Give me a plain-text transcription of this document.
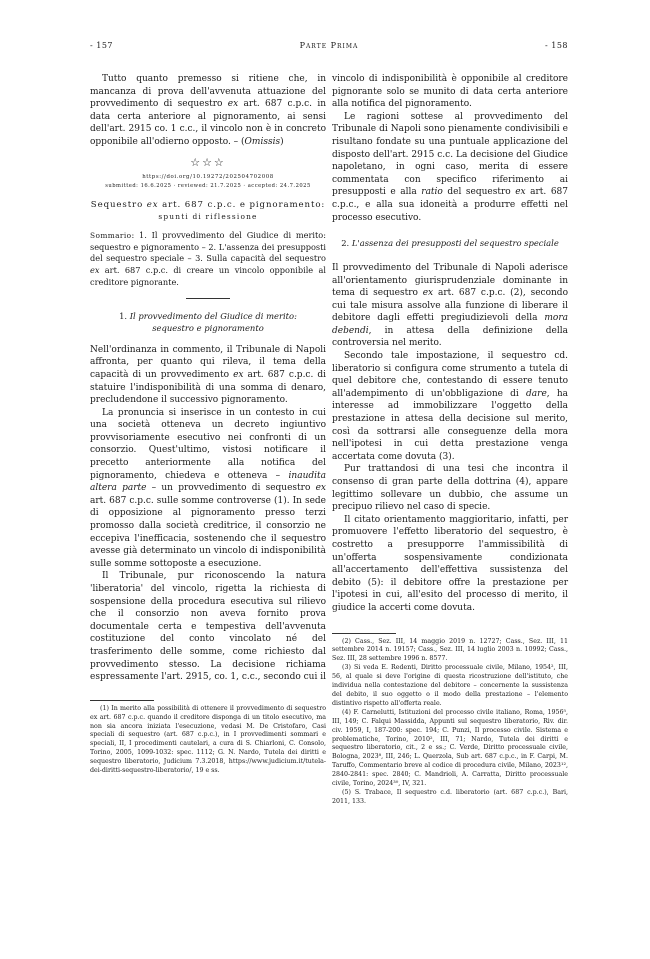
- 157	Parte Prima	- 158

Tutto quanto premesso si ritiene che, in mancanza di prova dell'avvenuta attuazione del provvedimento di sequestro ex art. 687 c.p.c. in data certa anteriore al pignoramento, ai sensi dell'art. 2915 co. 1 c.c., il vincolo non è in concreto opponibile all'odierno opposto. – (Omissis)

☆☆☆
https://doi.org/10.19272/202504702008
submitted: 16.6.2025 · reviewed: 21.7.2025 · accepted: 24.7.2025
Sequestro ex art. 687 c.p.c. e pignoramento:
spunti di riflessione

Sommario: 1. Il provvedimento del Giudice di merito: sequestro e pignoramento – 2. L'assenza dei presupposti del sequestro speciale – 3. Sulla capacità del sequestro ex art. 687 c.p.c. di creare un vincolo opponibile al creditore pignorante.

1. Il provvedimento del Giudice di merito:
sequestro e pignoramento

Nell'ordinanza in commento, il Tribunale di Napoli affronta, per quanto qui rileva, il tema della capacità di un provvedimento ex art. 687 c.p.c. di statuire l'indisponibilità di una somma di denaro, precludendone il successivo pignoramento.

La pronuncia si inserisce in un contesto in cui una società otteneva un decreto ingiuntivo provvisoriamente esecutivo nei confronti di un consorzio. Quest'ultimo, vistosi notificare il precetto anteriormente alla notifica del pignoramento, chiedeva e otteneva – inaudita altera parte – un provvedimento di sequestro ex art. 687 c.p.c. sulle somme controverse (1). In sede di opposizione al pignoramento presso terzi promosso dalla società creditrice, il consorzio ne eccepiva l'inefficacia, sostenendo che il sequestro avesse già determinato un vincolo di indisponibilità sulle somme sottoposte a esecuzione.

Il Tribunale, pur riconoscendo la natura 'liberatoria' del vincolo, rigetta la richiesta di sospensione della procedura esecutiva sul rilievo che il consorzio non aveva fornito prova documentale certa e tempestiva dell'avvenuta costituzione del conto vincolato né del trasferimento delle somme, come richiesto dal provvedimento stesso. La decisione richiama espressamente l'art. 2915, co. 1, c.c., secondo cui il

(1) In merito alla possibilità di ottenere il provvedimento di sequestro ex art. 687 c.p.c. quando il creditore disponga di un titolo esecutivo, ma non sia ancora iniziata l'esecuzione, vedasi M. De Cristofaro, Casi speciali di sequestro (art. 687 c.p.c.), in I provvedimenti sommari e speciali, II, I procedimenti cautelari, a cura di S. Chiarloni, C. Consolo, Torino, 2005, 1099-1032: spec. 1112; G. N. Nardo, Tutela dei diritti e sequestro liberatorio, Judicium 7.3.2018, https://www.judicium.it/tutela-dei-diritti-sequestro-liberatorio/, 19 e ss.

vincolo di indisponibilità è opponibile al creditore pignorante solo se munito di data certa anteriore alla notifica del pignoramento.

Le ragioni sottese al provvedimento del Tribunale di Napoli sono pienamente condivisibili e risultano fondate su una puntuale applicazione del disposto dell'art. 2915 c.c. La decisione del Giudice napoletano, in ogni caso, merita di essere commentata con specifico riferimento ai presupposti e alla ratio del sequestro ex art. 687 c.p.c., e alla sua idoneità a produrre effetti nel processo esecutivo.

2. L'assenza dei presupposti del sequestro speciale

Il provvedimento del Tribunale di Napoli aderisce all'orientamento giurisprudenziale dominante in tema di sequestro ex art. 687 c.p.c. (2), secondo cui tale misura assolve alla funzione di liberare il debitore dagli effetti pregiudizievoli della mora debendi, in attesa della definizione della controversia nel merito.

Secondo tale impostazione, il sequestro cd. liberatorio si configura come strumento a tutela di quel debitore che, contestando di essere tenuto all'adempimento di un'obbligazione di dare, ha interesse ad immobilizzare l'oggetto della prestazione in attesa della decisione sul merito, così da sottrarsi alle conseguenze della mora nell'ipotesi in cui detta prestazione venga accertata come dovuta (3).

Pur trattandosi di una tesi che incontra il consenso di gran parte della dottrina (4), appare legittimo sollevare un dubbio, che assume un precipuo rilievo nel caso di specie.

Il citato orientamento maggioritario, infatti, per promuovere l'effetto liberatorio del sequestro, è costretto a presupporre l'ammissibilità di un'offerta sospensivamente condizionata all'accertamento dell'effettiva sussistenza del debito (5): il debitore offre la prestazione per l'ipotesi in cui, all'esito del processo di merito, il giudice la accerti come dovuta.

(2) Cass., Sez. III, 14 maggio 2019 n. 12727; Cass., Sez. III, 11 settembre 2014 n. 19157; Cass., Sez. III, 14 luglio 2003 n. 10992; Cass., Sez. III, 28 settembre 1996 n. 8577.

(3) Si veda E. Redenti, Diritto processuale civile, Milano, 1954², III, 56, al quale si deve l'origine di questa ricostruzione dell'istituto, che individua nella contestazione del debitore – concernente la sussistenza del debito, il suo oggetto o il modo della prestazione – l'elemento distintivo rispetto all'offerta reale.

(4) F. Carnelutti, Istituzioni del processo civile italiano, Roma, 1956⁵, III, 149; C. Falqui Massidda, Appunti sul sequestro liberatorio, Riv. dir. civ. 1959, I, 187-200: spec. 194; C. Punzi, Il processo civile. Sistema e problematiche, Torino, 2010², III, 71; Nardo, Tutela dei diritti e sequestro liberatorio, cit., 2 e ss.; C. Verde, Diritto processuale civile, Bologna, 2023⁸, III, 246; L. Querzola, Sub art. 687 c.p.c., in F. Carpi, M. Taruffo, Commentario breve al codice di procedura civile, Milano, 2023¹², 2840-2841: spec. 2840; C. Mandrioli, A. Carratta, Diritto processuale civile, Torino, 2024³⁰, IV, 321.

(5) S. Trabace, Il sequestro c.d. liberatorio (art. 687 c.p.c.), Bari, 2011, 133.
